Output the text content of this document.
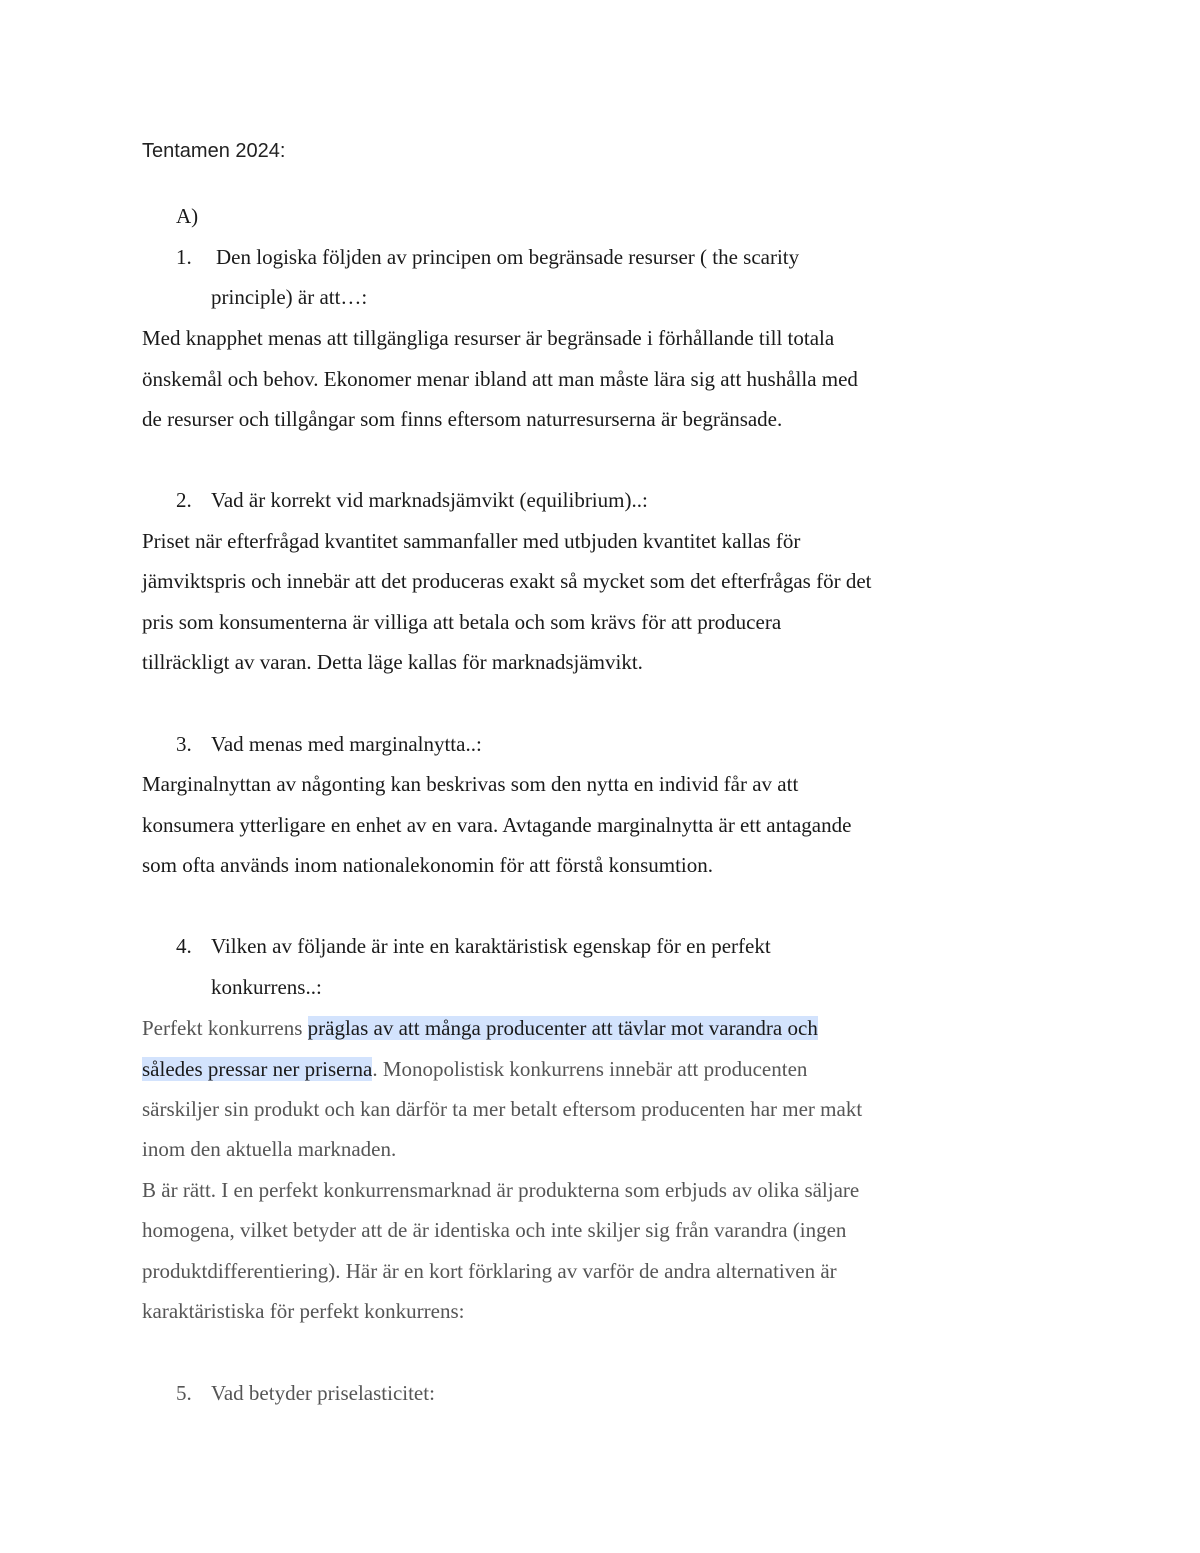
Tentamen 2024:
A)
1. Den logiska följden av principen om begränsade resurser ( the scarity
principle) är att…:
Med knapphet menas att tillgängliga resurser är begränsade i förhållande till totala
önskemål och behov. Ekonomer menar ibland att man måste lära sig att hushålla med
de resurser och tillgångar som finns eftersom naturresurserna är begränsade.
2. Vad är korrekt vid marknadsjämvikt (equilibrium)..:
Priset när efterfrågad kvantitet sammanfaller med utbjuden kvantitet kallas för
jämviktspris och innebär att det produceras exakt så mycket som det efterfrågas för det
pris som konsumenterna är villiga att betala och som krävs för att producera
tillräckligt av varan. Detta läge kallas för marknadsjämvikt.
3. Vad menas med marginalnytta..:
Marginalnyttan av någonting kan beskrivas som den nytta en individ får av att
konsumera ytterligare en enhet av en vara. Avtagande marginalnytta är ett antagande
som ofta används inom nationalekonomin för att förstå konsumtion.
4. Vilken av följande är inte en karaktäristisk egenskap för en perfekt
konkurrens..:
Perfekt konkurrens präglas av att många producenter att tävlar mot varandra och
således pressar ner priserna. Monopolistisk konkurrens innebär att producenten
särskiljer sin produkt och kan därför ta mer betalt eftersom producenten har mer makt
inom den aktuella marknaden.
B är rätt. I en perfekt konkurrensmarknad är produkterna som erbjuds av olika säljare
homogena, vilket betyder att de är identiska och inte skiljer sig från varandra (ingen
produktdifferentiering). Här är en kort förklaring av varför de andra alternativen är
karaktäristiska för perfekt konkurrens:
5. Vad betyder priselasticitet:
